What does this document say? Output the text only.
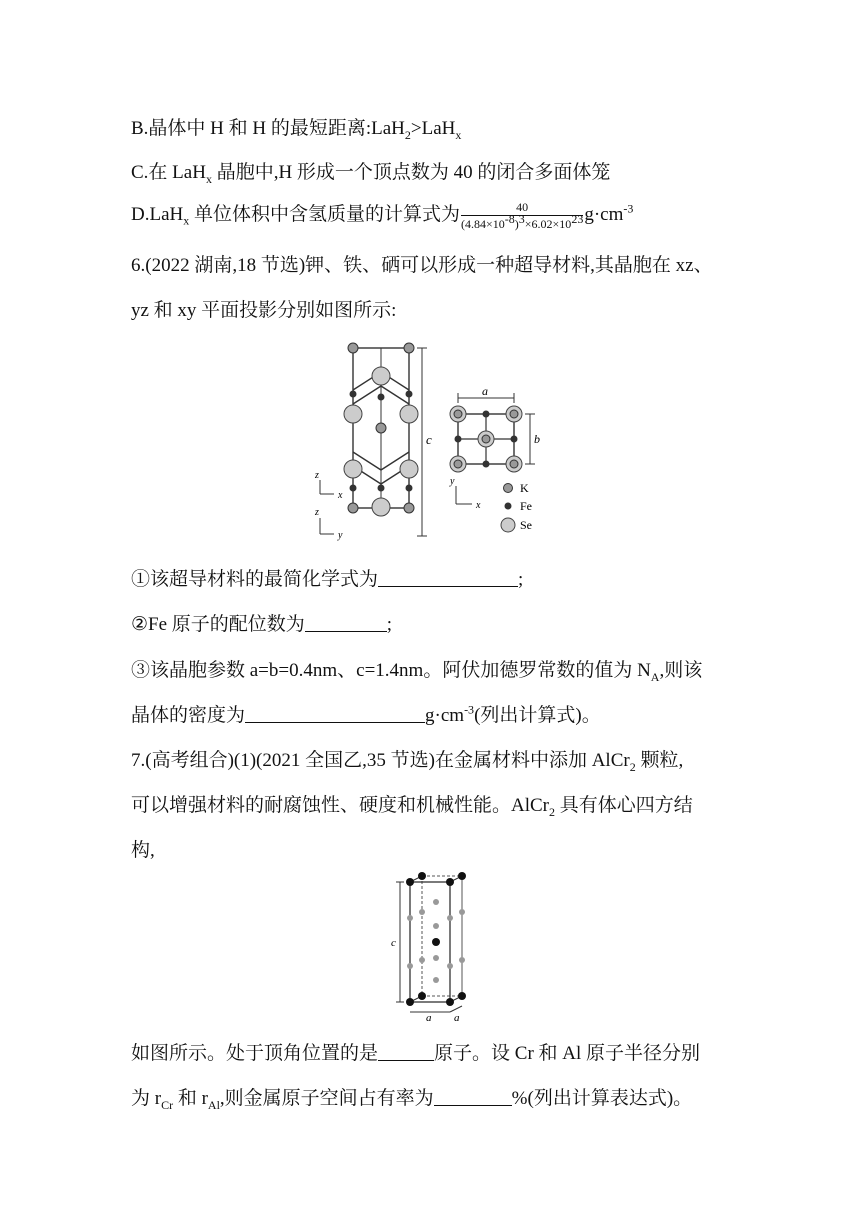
B.晶体中 H 和 H 的最短距离:LaH$_2$>LaH$_x$
C.在 LaH$_x$ 晶胞中,H 形成一个顶点数为 40 的闭合多面体笼
D.LaH$_x$ 单位体积中含氢质量的计算式为 $\frac{40}{(4.84\times 10^{-8})^3\times 6.02\times 10^{23}} g\cdot cm^{-3}$
6.(2022 湖南,18 节选)钾、铁、硒可以形成一种超导材料,其晶胞在 xz、
yz 和 xy 平面投影分别如图所示:
c
z
x
z
y
a
b
y
x
K
Fe
Se
①该超导材料的最简化学式为	;
②Fe 原子的配位数为	;
③该晶胞参数 a=b=0.4nm、c=1.4nm。阿伏加德罗常数的值为 $N_A$,则该
晶体的密度为	$g\cdot cm^{-3}$(列出计算式)。
7.(高考组合)(1)(2021 全国乙,35 节选)在金属材料中添加 AlCr$_2$ 颗粒,
可以增强材料的耐腐蚀性、硬度和机械性能。AlCr$_2$ 具有体心四方结
构,
c
a a
如图所示。处于顶角位置的是	原子。设 Cr 和 Al 原子半径分别
为 $r_{Cr}$ 和 $r_{Al}$,则金属原子空间占有率为	%(列出计算表达式)。
